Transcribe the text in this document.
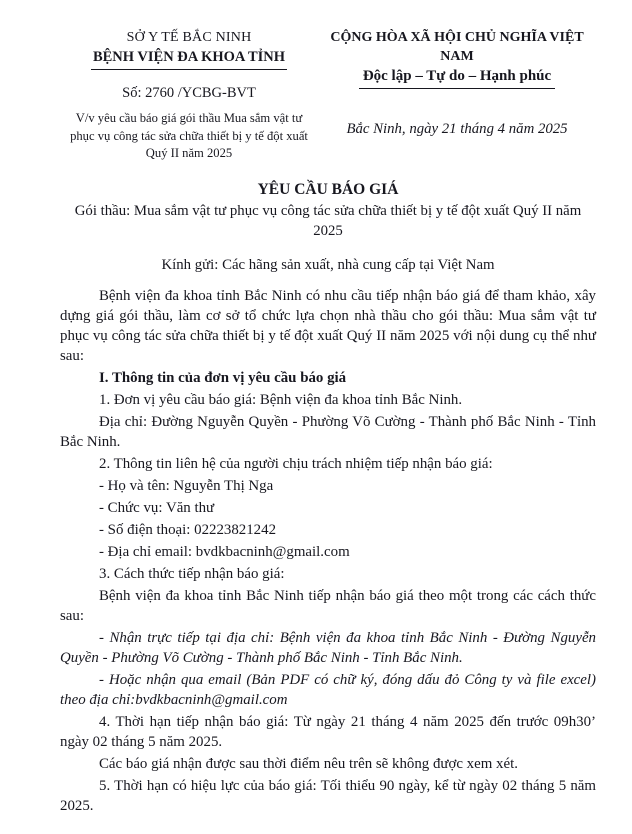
SỞ Y TẾ BẮC NINH
BỆNH VIỆN ĐA KHOA TỈNH
Số: 2760 /YCBG-BVT
V/v yêu cầu báo giá gói thầu Mua sắm vật tư phục vụ công tác sửa chữa thiết bị y tế đột xuất Quý II năm 2025
CỘNG HÒA XÃ HỘI CHỦ NGHĨA VIỆT NAM
Độc lập – Tự do – Hạnh phúc
Bắc Ninh, ngày 21 tháng 4 năm 2025
YÊU CẦU BÁO GIÁ
Gói thầu: Mua sắm vật tư phục vụ công tác sửa chữa thiết bị y tế đột xuất Quý II năm 2025
Kính gửi: Các hãng sản xuất, nhà cung cấp tại Việt Nam

Bệnh viện đa khoa tỉnh Bắc Ninh có nhu cầu tiếp nhận báo giá để tham khảo, xây dựng giá gói thầu, làm cơ sở tổ chức lựa chọn nhà thầu cho gói thầu: Mua sắm vật tư phục vụ công tác sửa chữa thiết bị y tế đột xuất Quý II năm 2025 với nội dung cụ thể như sau:

I. Thông tin của đơn vị yêu cầu báo giá

1. Đơn vị yêu cầu báo giá: Bệnh viện đa khoa tỉnh Bắc Ninh.

Địa chỉ: Đường Nguyễn Quyền - Phường Võ Cường - Thành phố Bắc Ninh - Tỉnh Bắc Ninh.

2. Thông tin liên hệ của người chịu trách nhiệm tiếp nhận báo giá:

- Họ và tên: Nguyễn Thị Nga

- Chức vụ: Văn thư

- Số điện thoại: 02223821242

- Địa chỉ email: bvdkbacninh@gmail.com

3. Cách thức tiếp nhận báo giá:

Bệnh viện đa khoa tỉnh Bắc Ninh tiếp nhận báo giá theo một trong các cách thức sau:

- Nhận trực tiếp tại địa chỉ: Bệnh viện đa khoa tỉnh Bắc Ninh - Đường Nguyễn Quyền - Phường Võ Cường - Thành phố Bắc Ninh - Tỉnh Bắc Ninh.

- Hoặc nhận qua email (Bản PDF có chữ ký, đóng dấu đỏ Công ty và file excel) theo địa chỉ:bvdkbacninh@gmail.com

4. Thời hạn tiếp nhận báo giá: Từ ngày 21 tháng 4 năm 2025 đến trước 09h30’ ngày 02 tháng 5 năm 2025.

Các báo giá nhận được sau thời điểm nêu trên sẽ không được xem xét.

5. Thời hạn có hiệu lực của báo giá: Tối thiểu 90 ngày, kể từ ngày 02 tháng 5 năm 2025.
